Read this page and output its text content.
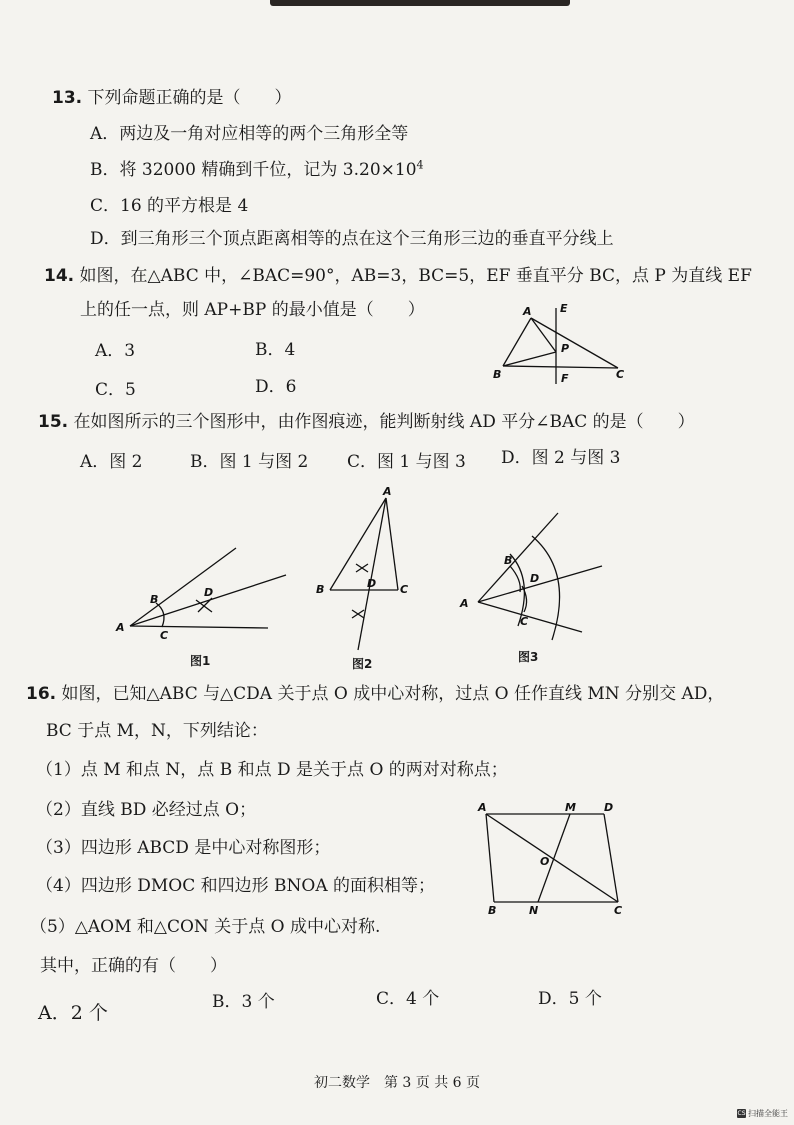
13. 下列命题正确的是（　　）
A．两边及一角对应相等的两个三角形全等
B．将 32000 精确到千位，记为 $3.20\times 10^4$
C．16 的平方根是 4
D．到三角形三个顶点距离相等的点在这个三角形三边的垂直平分线上
14. 如图，在△ABC 中，∠BAC=90°，AB=3，BC=5，EF 垂直平分 BC，点 P 为直线 EF
上的任一点，则 AP+BP 的最小值是（　　）
A．3	B．4
C．5	D．6
A	E
P
B	F	C
15. 在如图所示的三个图形中，由作图痕迹，能判断射线 AD 平分∠BAC 的是（　　）
A．图 2	B．图 1 与图 2 C．图 1 与图 3 D．图 2 与图 3
A
B
C
D
图1
A
B	C
D
图2
A
B
C
D
图3
16. 如图，已知△ABC 与△CDA 关于点 O 成中心对称，过点 O 任作直线 MN 分别交 AD，
BC 于点 M，N，下列结论：
（1）点 M 和点 N，点 B 和点 D 是关于点 O 的两对对称点；
（2）直线 BD 必经过点 O；
（3）四边形 ABCD 是中心对称图形；
（4）四边形 DMOC 和四边形 BNOA 的面积相等；
（5）△AOM 和△CON 关于点 O 成中心对称.
其中，正确的有（　　）
A．2 个	B．3 个	C．4 个	D．5 个
A	M	D
O
B	N	C
初二数学　第 3 页 共 6 页
CS 扫描全能王
